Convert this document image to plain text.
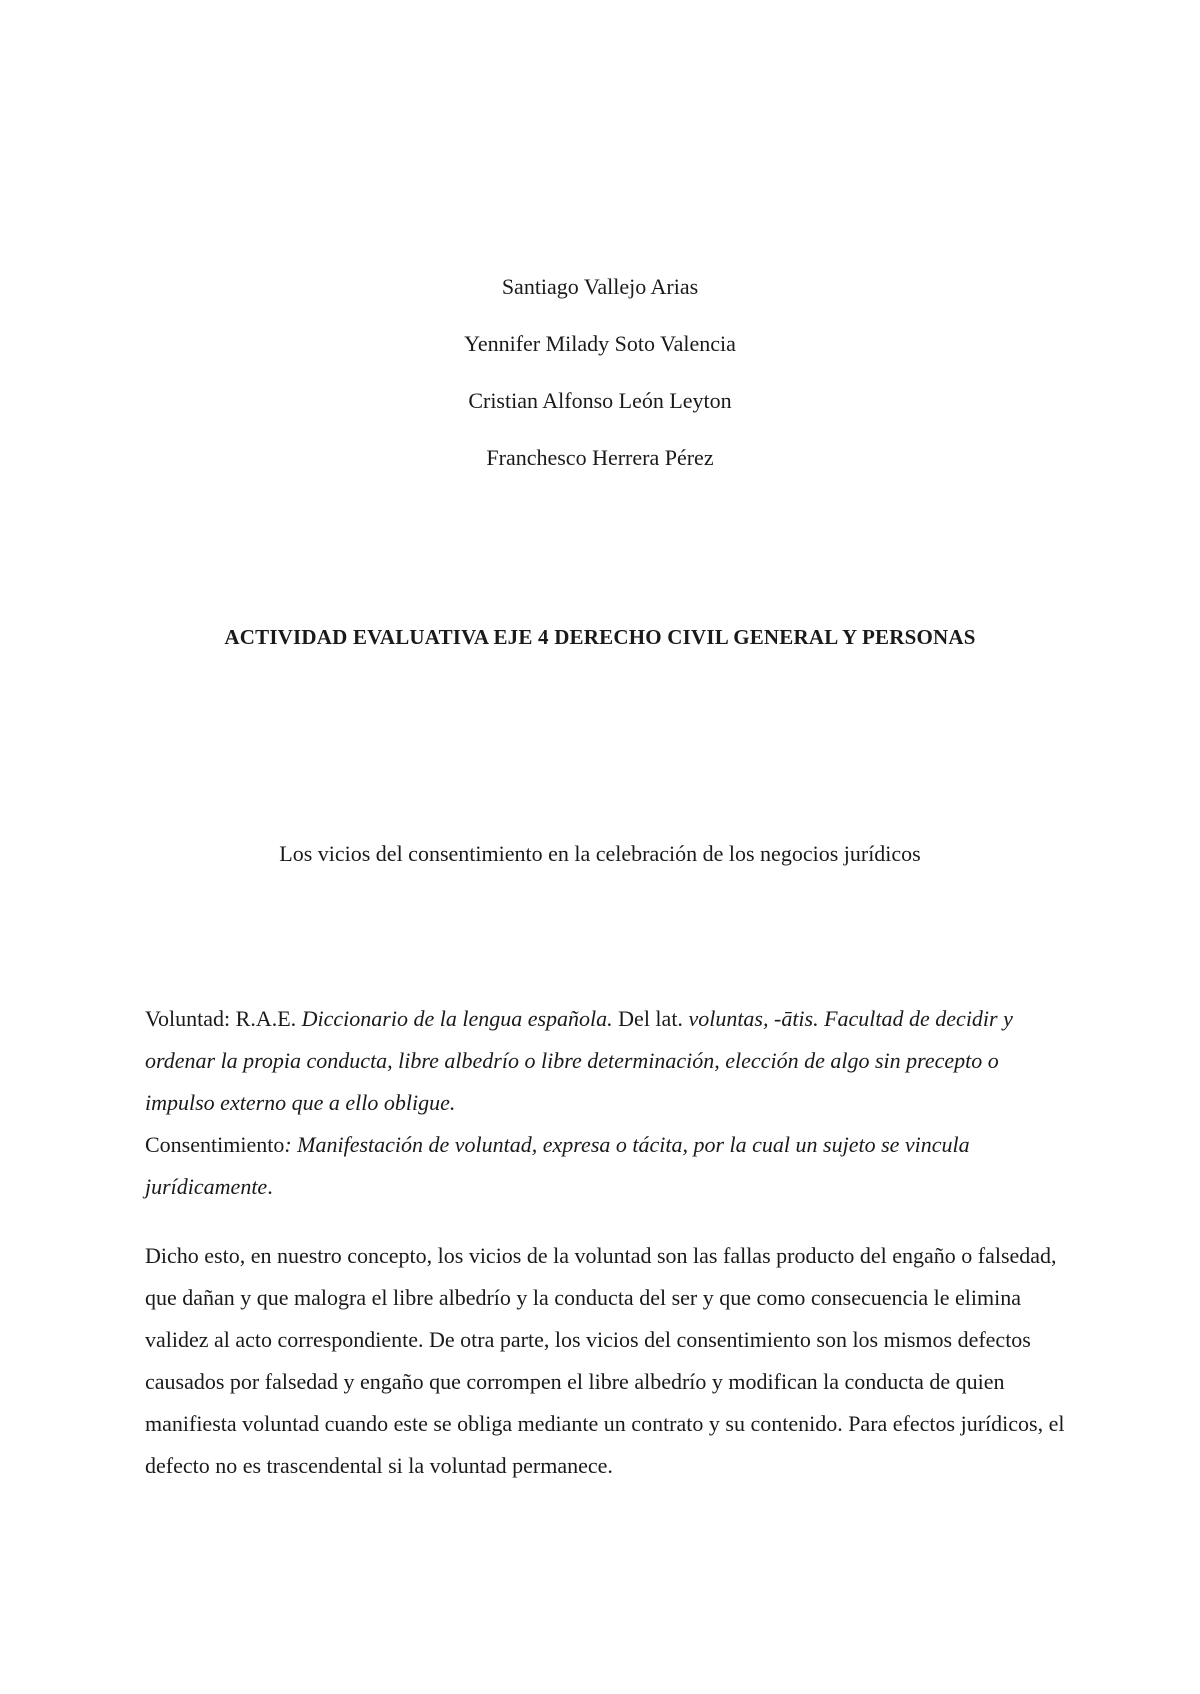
Santiago Vallejo Arias
Yennifer Milady Soto Valencia
Cristian Alfonso León Leyton
Franchesco Herrera Pérez
ACTIVIDAD EVALUATIVA EJE 4 DERECHO CIVIL GENERAL Y PERSONAS
Los vicios del consentimiento en la celebración de los negocios jurídicos

Voluntad: R.A.E. Diccionario de la lengua española. Del lat. voluntas, -ātis. Facultad de decidir y ordenar la propia conducta, libre albedrío o libre determinación, elección de algo sin precepto o impulso externo que a ello obligue.

Consentimiento: Manifestación de voluntad, expresa o tácita, por la cual un sujeto se vincula jurídicamente.

Dicho esto, en nuestro concepto, los vicios de la voluntad son las fallas producto del engaño o falsedad, que dañan y que malogra el libre albedrío y la conducta del ser y que como consecuencia le elimina validez al acto correspondiente. De otra parte, los vicios del consentimiento son los mismos defectos causados por falsedad y engaño que corrompen el libre albedrío y modifican la conducta de quien manifiesta voluntad cuando este se obliga mediante un contrato y su contenido. Para efectos jurídicos, el defecto no es trascendental si la voluntad permanece.
